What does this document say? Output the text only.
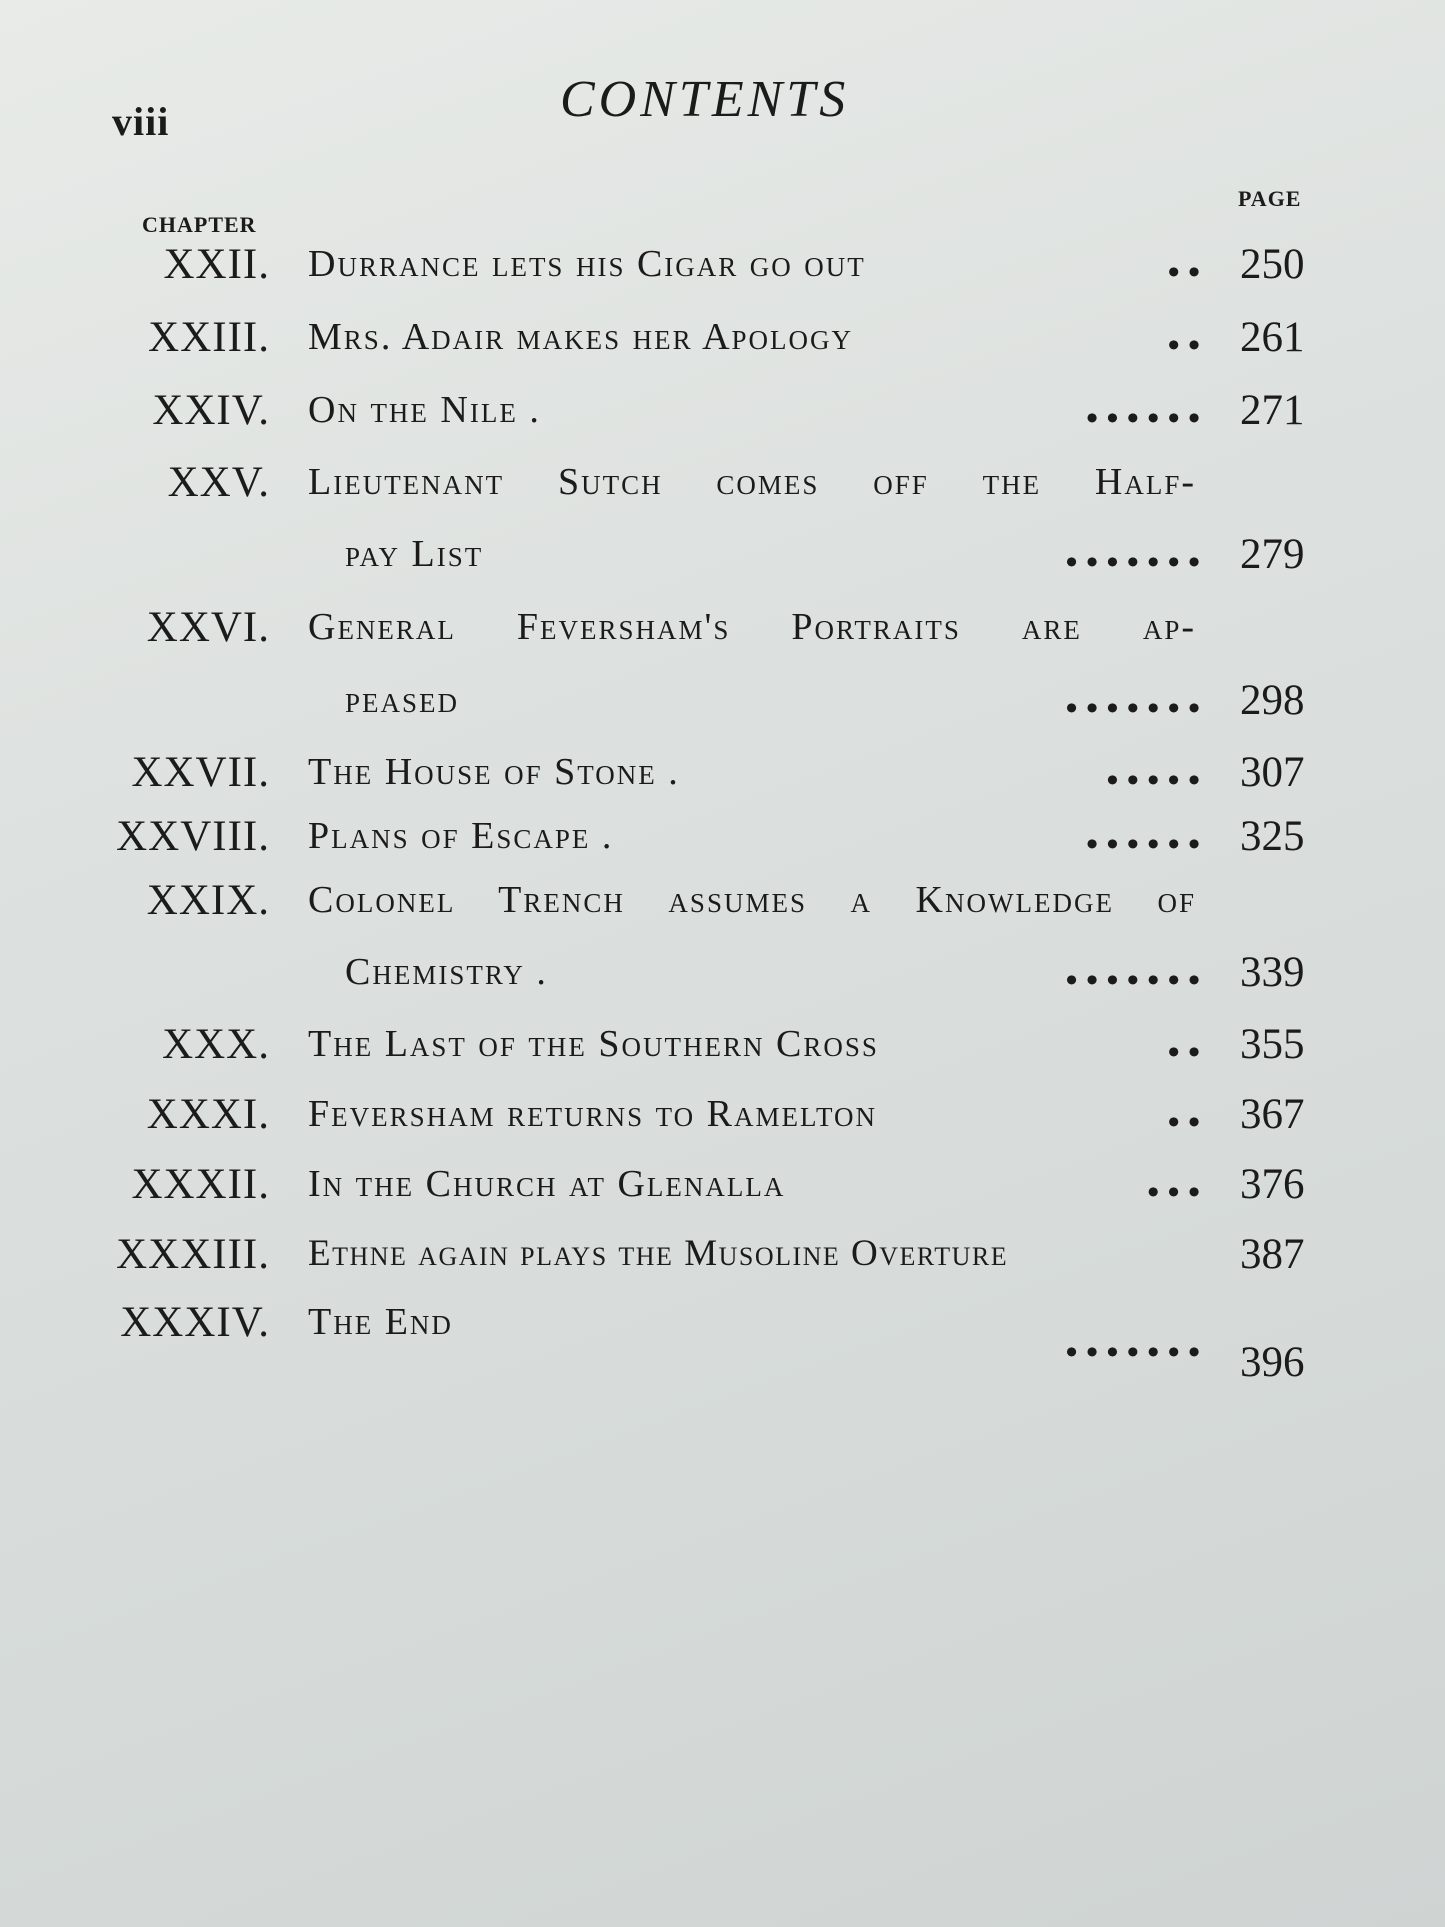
viii	CONTENTS
CHAPTER
PAGE
XXII. Durrance lets his Cigar go out	• • 250
XXIII. Mrs. Adair makes her Apology	• • 261
XXIV. On the Nile .	• • • • • • 271
XXV. Lieutenant Sutch comes off the Half-
pay List	• • • • • • • 279
XXVI. General Feversham's Portraits are ap-
peased	• • • • • • • 298
XXVII. The House of Stone .	• • • • • 307
XXVIII. Plans of Escape .	• • • • • • 325
XXIX. Colonel Trench assumes a Knowledge of
Chemistry .	• • • • • • • 339
XXX. The Last of the Southern Cross	• • 355
XXXI. Feversham returns to Ramelton	• • 367
XXXII. In the Church at Glenalla	• • • 376
XXXIII. Ethne again plays the Musoline Overture	387
XXXIV. The End
• • • • • • • 396
